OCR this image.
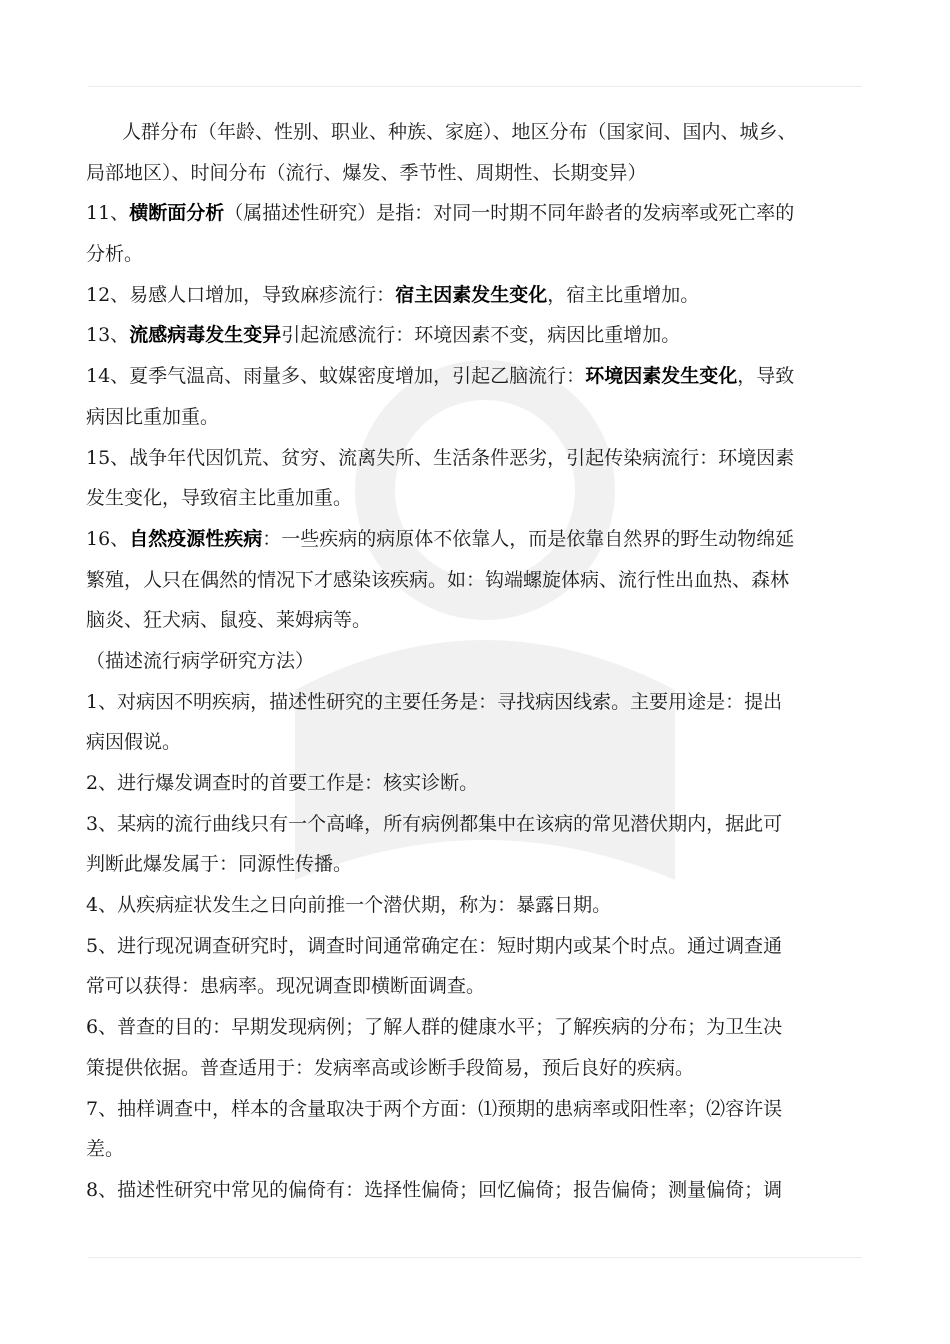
人群分布（年龄、性别、职业、种族、家庭）、地区分布（国家间、国内、城乡、
局部地区）、时间分布（流行、爆发、季节性、周期性、长期变异）
11、横断面分析（属描述性研究）是指：对同一时期不同年龄者的发病率或死亡率的
分析。
12、易感人口增加，导致麻疹流行：宿主因素发生变化，宿主比重增加。
13、流感病毒发生变异引起流感流行：环境因素不变，病因比重增加。
14、夏季气温高、雨量多、蚊媒密度增加，引起乙脑流行：环境因素发生变化，导致
病因比重加重。
15、战争年代因饥荒、贫穷、流离失所、生活条件恶劣，引起传染病流行：环境因素
发生变化，导致宿主比重加重。
16、自然疫源性疾病：一些疾病的病原体不依靠人，而是依靠自然界的野生动物绵延
繁殖，人只在偶然的情况下才感染该疾病。如：钩端螺旋体病、流行性出血热、森林
脑炎、狂犬病、鼠疫、莱姆病等。
（描述流行病学研究方法）
1、对病因不明疾病，描述性研究的主要任务是：寻找病因线索。主要用途是：提出
病因假说。
2、进行爆发调查时的首要工作是：核实诊断。
3、某病的流行曲线只有一个高峰，所有病例都集中在该病的常见潜伏期内，据此可
判断此爆发属于：同源性传播。
4、从疾病症状发生之日向前推一个潜伏期，称为：暴露日期。
5、进行现况调查研究时，调查时间通常确定在：短时期内或某个时点。通过调查通
常可以获得：患病率。现况调查即横断面调查。
6、普查的目的：早期发现病例；了解人群的健康水平；了解疾病的分布；为卫生决
策提供依据。普查适用于：发病率高或诊断手段简易，预后良好的疾病。
7、抽样调查中，样本的含量取决于两个方面：⑴预期的患病率或阳性率；⑵容许误
差。
8、描述性研究中常见的偏倚有：选择性偏倚；回忆偏倚；报告偏倚；测量偏倚；调
